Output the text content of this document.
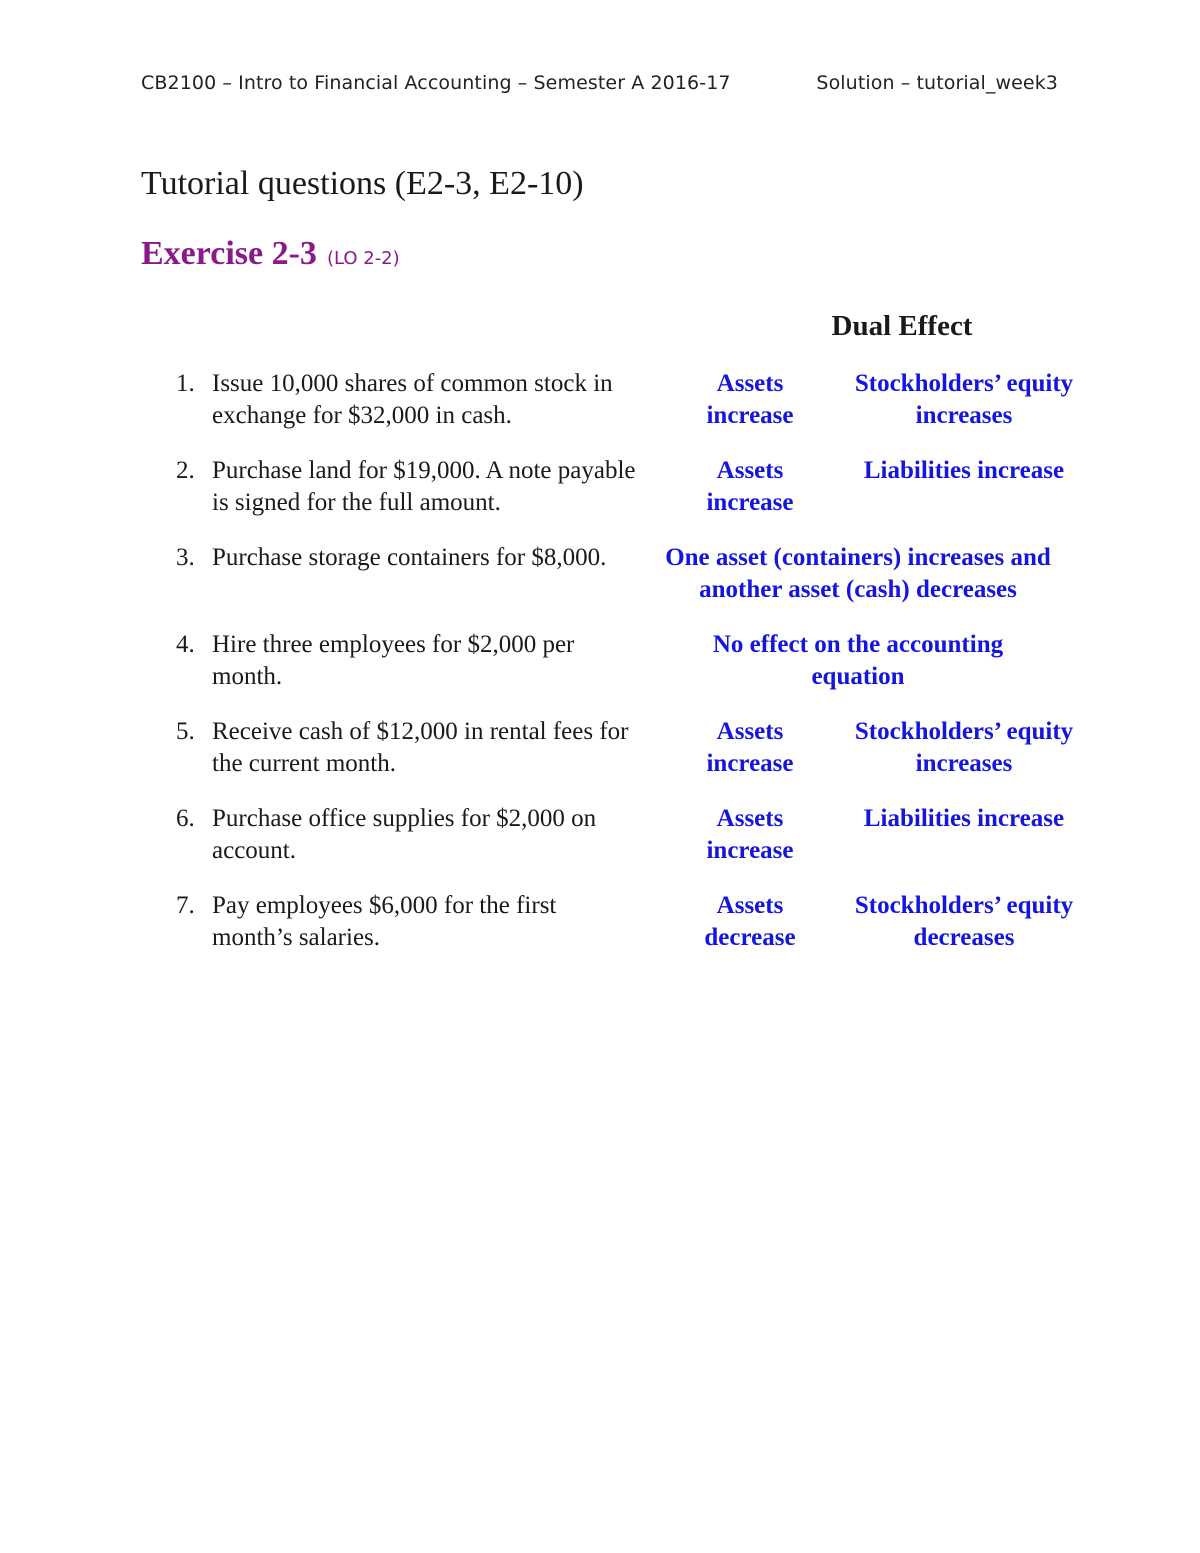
CB2100 – Intro to Financial Accounting – Semester A 2016-17	Solution – tutorial_week3
Tutorial questions (E2-3, E2-10)
Exercise 2-3 (LO 2-2)
Dual Effect
1. Issue 10,000 shares of common stock in exchange for $32,000 in cash.
Assets increase
Stockholders’ equity increases
2. Purchase land for $19,000. A note payable is signed for the full amount.
Assets increase
Liabilities increase
3. Purchase storage containers for $8,000.	One asset (containers) increases and another asset (cash) decreases
4. Hire three employees for $2,000 per month.
No effect on the accounting equation
5. Receive cash of $12,000 in rental fees for the current month.
Assets increase
Stockholders’ equity increases
6. Purchase office supplies for $2,000 on account.
Assets increase
Liabilities increase
7. Pay employees $6,000 for the first month’s salaries.
Assets decrease
Stockholders’ equity decreases
